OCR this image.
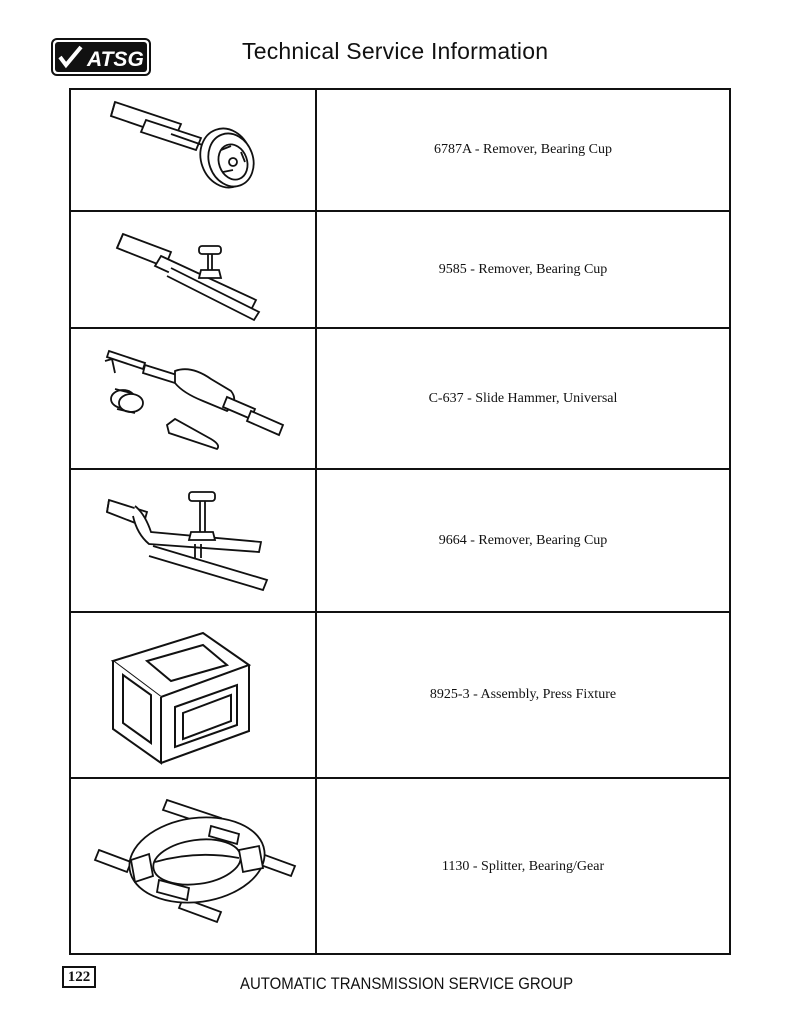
ATSG	Technical Service Information
6787A - Remover, Bearing Cup
9585 - Remover, Bearing Cup
C-637 - Slide Hammer, Universal
9664 - Remover, Bearing Cup
8925-3 - Assembly, Press Fixture
1130 - Splitter, Bearing/Gear
122	AUTOMATIC TRANSMISSION SERVICE GROUP
